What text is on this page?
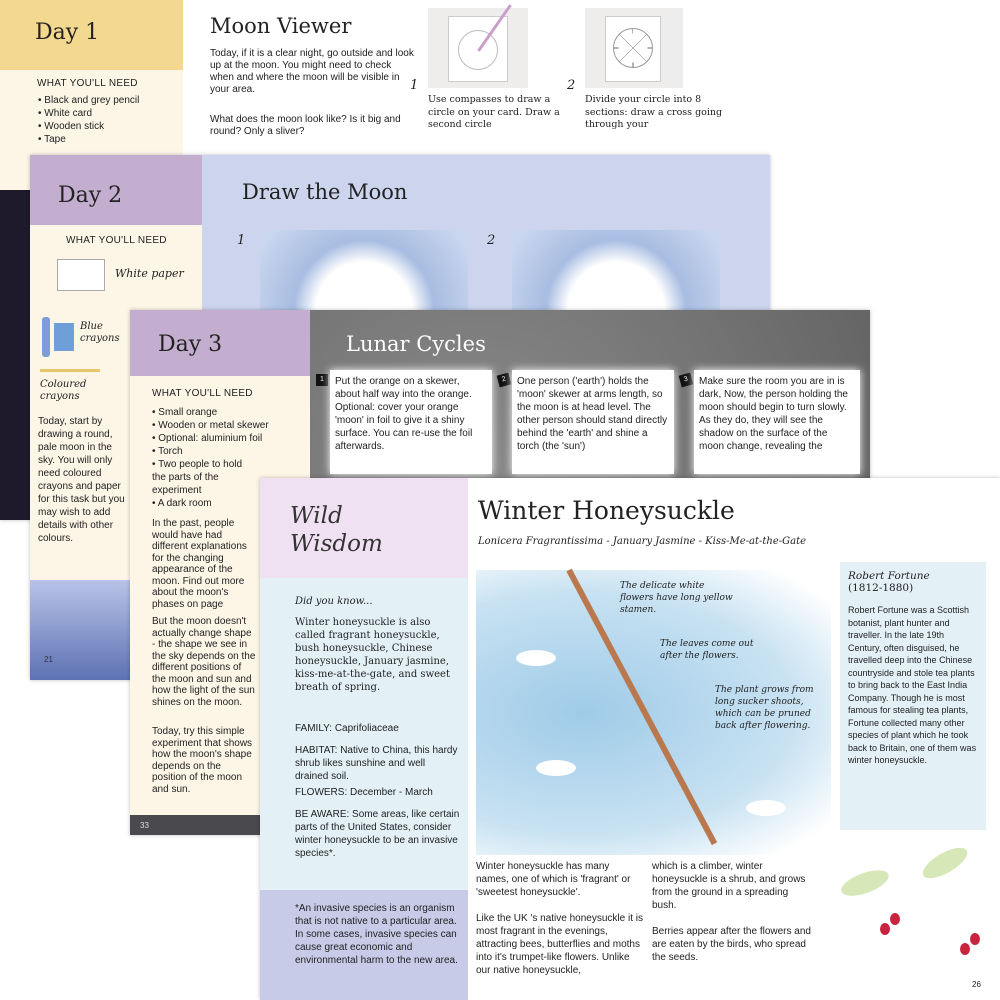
Day 1
WHAT YOU'LL NEED
• Black and grey pencil
• White card
• Wooden stick
• Tape
Moon Viewer
Today, if it is a clear night, go outside and look up at the moon. You might need to check when and where the moon will be visible in your area.
What does the moon look like? Is it big and round? Only a sliver?
1
Use compasses to draw a circle on your card. Draw a second circle
2
Divide your circle into 8 sections: draw a cross going through your
Day 2
WHAT YOU'LL NEED
White paper
Blue crayons
Coloured crayons
Today, start by drawing a round, pale moon in the sky. You will only need coloured crayons and paper for this task but you may wish to add details with other colours.
21
Draw the Moon
1	2
Day 3
WHAT YOU'LL NEED
• Small orange
• Wooden or metal skewer
• Optional: aluminium foil
• Torch
• Two people to hold the parts of the experiment
• A dark room
In the past, people would have had different explanations for the changing appearance of the moon. Find out more about the moon's phases on page
But the moon doesn't actually change shape - the shape we see in the sky depends on the different positions of the moon and sun and how the light of the sun shines on the moon.
Today, try this simple experiment that shows how the moon's shape depends on the position of the moon and sun.
33
Lunar Cycles
1	Put the orange on a skewer, about half way into the orange. Optional: cover your orange 'moon' in foil to give it a shiny surface. You can re-use the foil afterwards.
2	One person ('earth') holds the 'moon' skewer at arms length, so the moon is at head level. The other person should stand directly behind the 'earth' and shine a torch (the 'sun')
3	Make sure the room you are in is dark, Now, the person holding the moon should begin to turn slowly. As they do, they will see the shadow on the surface of the moon change, revealing the
Wild Wisdom
Did you know...
Winter honeysuckle is also called fragrant honeysuckle, bush honeysuckle, Chinese honeysuckle, January jasmine, kiss-me-at-the-gate, and sweet breath of spring.
FAMILY: Caprifoliaceae
HABITAT: Native to China, this hardy shrub likes sunshine and well drained soil.
FLOWERS: December - March
BE AWARE: Some areas, like certain parts of the United States, consider winter honeysuckle to be an invasive species*.
*An invasive species is an organism that is not native to a particular area. In some cases, invasive species can cause great economic and environmental harm to the new area.
Winter Honeysuckle
Lonicera Fragrantissima - January Jasmine - Kiss-Me-at-the-Gate
The delicate white flowers have long yellow stamen.
The leaves come out after the flowers.
The plant grows from long sucker shoots, which can be pruned back after flowering.
Winter honeysuckle has many names, one of which is 'fragrant' or 'sweetest honeysuckle'.
Like the UK 's native honeysuckle it is most fragrant in the evenings, attracting bees, butterflies and moths into it's trumpet-like flowers. Unlike our native honeysuckle,
which is a climber, winter honeysuckle is a shrub, and grows from the ground in a spreading bush.
Berries appear after the flowers and are eaten by the birds, who spread the seeds.
Robert Fortune
(1812-1880)
Robert Fortune was a Scottish botanist, plant hunter and traveller. In the late 19th Century, often disguised, he travelled deep into the Chinese countryside and stole tea plants to bring back to the East India Company. Though he is most famous for stealing tea plants, Fortune collected many other species of plant which he took back to Britain, one of them was winter honeysuckle.
26
